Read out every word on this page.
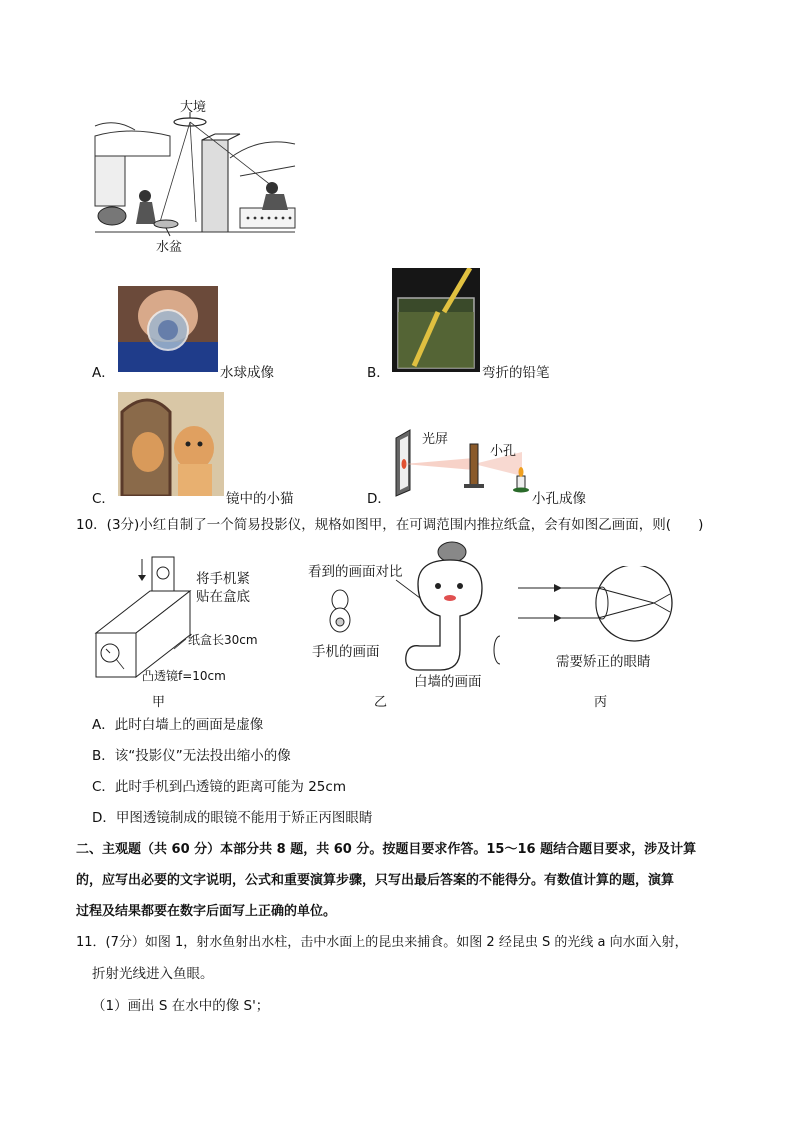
大境
水盆
A．	水球成像	B．	弯折的铅笔
C．	镜中的小猫	D．
光屏
小孔
小孔成像
10．(3分)小红自制了一个简易投影仪，规格如图甲，在可调范围内推拉纸盒，会有如图乙画面，则(　　)
将手机紧
贴在盒底
纸盒长30cm
凸透镜f=10cm
甲
看到的画面对比
手机的画面
白墙的画面
乙
需要矫正的眼睛
丙
A．此时白墙上的画面是虚像
B．该“投影仪”无法投出缩小的像
C．此时手机到凸透镜的距离可能为 25cm
D．甲图透镜制成的眼镜不能用于矫正丙图眼睛
二、主观题（共 60 分）本部分共 8 题，共 60 分。按题目要求作答。15～16 题结合题目要求，涉及计算
的，应写出必要的文字说明，公式和重要演算步骤，只写出最后答案的不能得分。有数值计算的题，演算
过程及结果都要在数字后面写上正确的单位。
11．(7分）如图 1，射水鱼射出水柱，击中水面上的昆虫来捕食。如图 2 经昆虫 S 的光线 a 向水面入射，
折射光线进入鱼眼。
（1）画出 S 在水中的像 S'；
